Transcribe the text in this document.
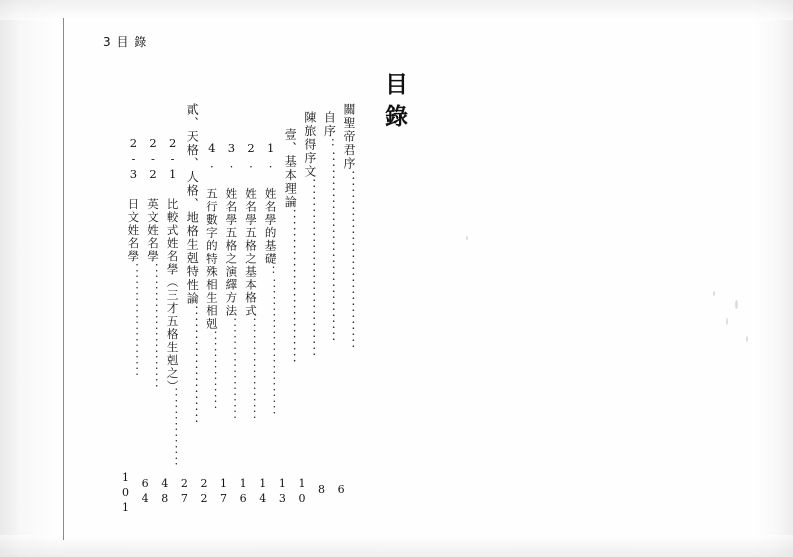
3 目 錄
目錄
關聖帝君序．．．．．．．．．．．．．．．．．．．．．．．．．．．．．．
自序：．．．．．．．．．．．．．．．．．．．．．．．．．．．．．．．．
陳旅得序文．．．．．．．．．．．．．．．．．．．．．．．．．．．．．．
壹、基本理論．．．．．．．．．．．．．．．．．．．．．．．．．．
1. 姓名學的基礎：．．．．．．．．．．．．．．．．．．．．．．．．
2. 姓名學五格之基本格式．．．．．．．．．．．．．．．．．．
3. 姓名學五格之演繹方法．．．．．．．．．．．．．．．．．．
4. 五行數字的特殊相生相剋．．．．．．．．．．．．．．
貳、天格、人格、地格生剋特性論．．．．．．．．．．．．．．．．．．．．
2-1 比較式姓名學（三才五格生剋之）．．．．．．．．．．．．．．
2-2 英文姓名學．．．．．．．．．．．．．．．．．．．．．．
2-3 日文姓名學．．．．．．．．．．．．．．．．．．．．
6
8
10
13
14
16
17
22
27
48
64
101
